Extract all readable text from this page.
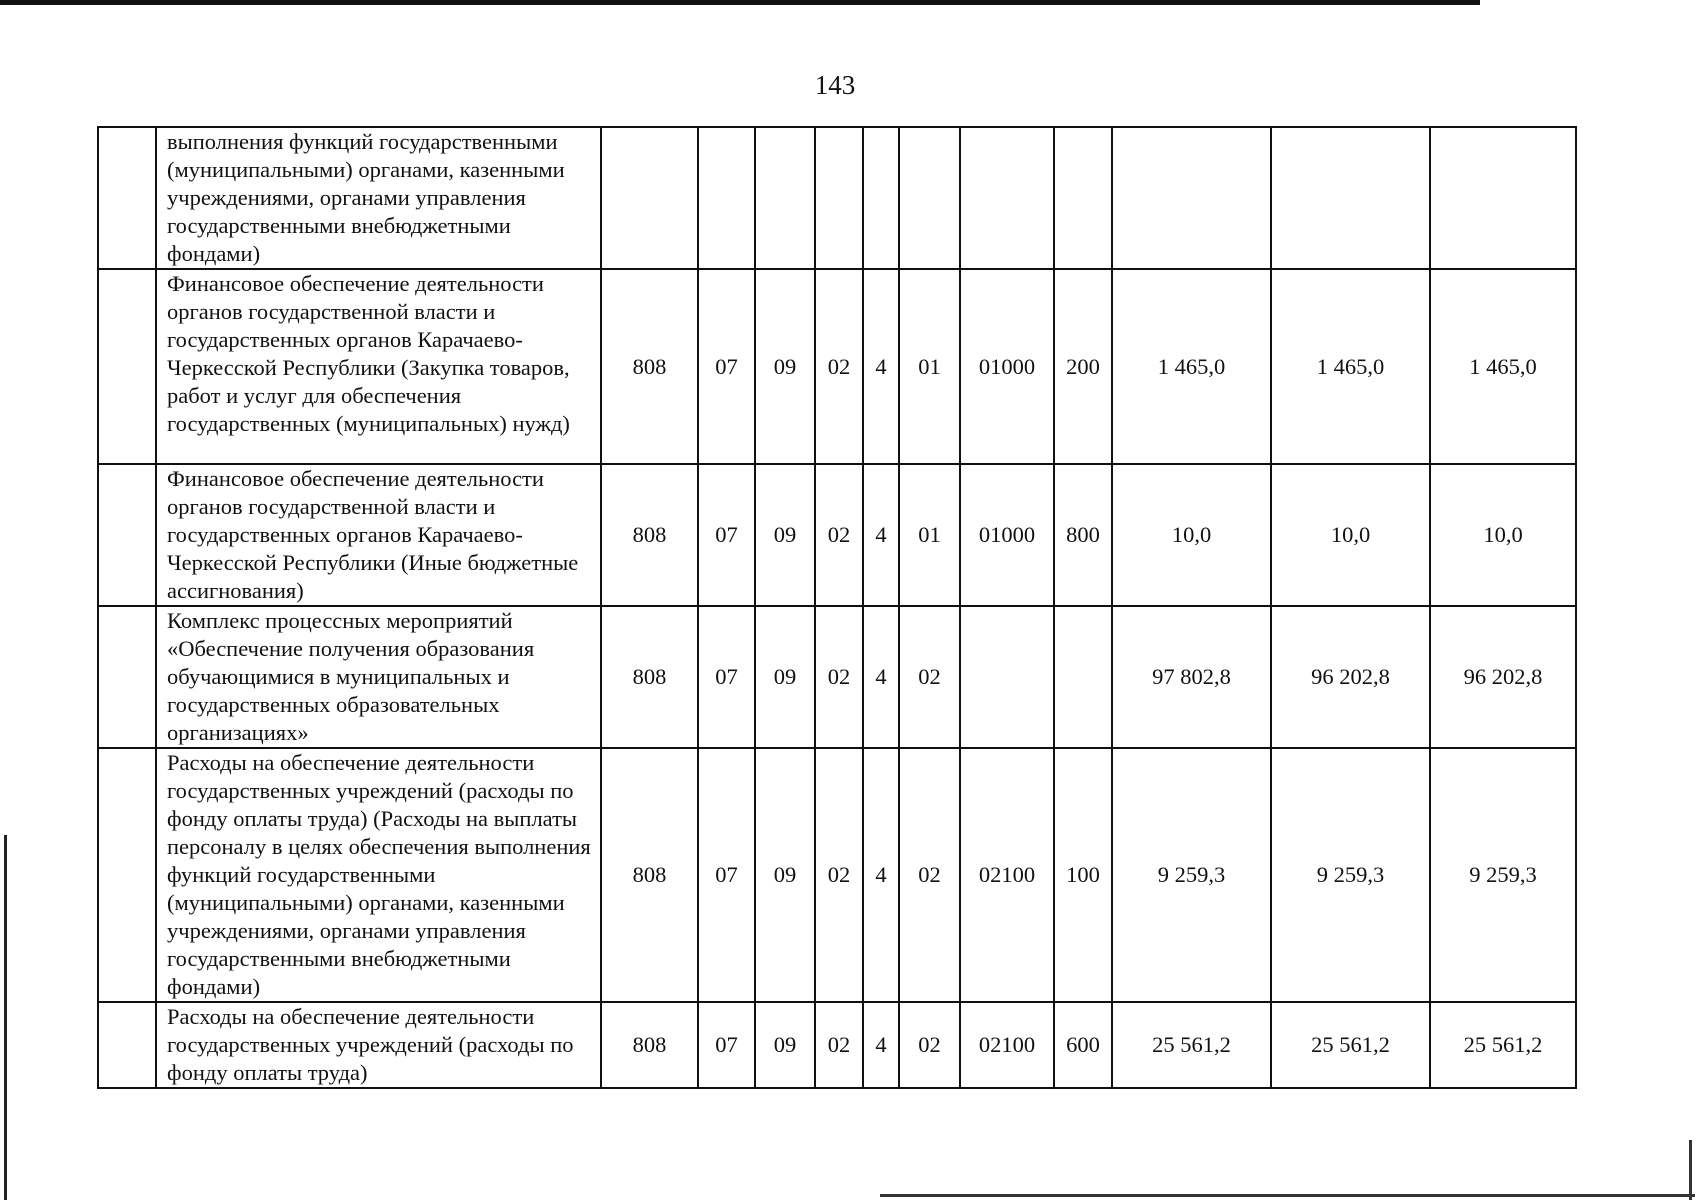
143
	выполнения функций государственными (муниципальными) органами, казенными учреждениями, органами управления государственными внебюджетными фондами)											
	Финансовое обеспечение деятельности органов государственной власти и государственных органов Карачаево-Черкесской Республики (Закупка товаров, работ и услуг для обеспечения государственных (муниципальных) нужд)	808	07	09	02	4	01	01000	200	1 465,0	1 465,0	1 465,0
	Финансовое обеспечение деятельности органов государственной власти и государственных органов Карачаево-Черкесской Республики (Иные бюджетные ассигнования)	808	07	09	02	4	01	01000	800	10,0	10,0	10,0
	Комплекс процессных мероприятий «Обеспечение получения образования обучающимися в муниципальных и государственных образовательных организациях»	808	07	09	02	4	02			97 802,8	96 202,8	96 202,8
	Расходы на обеспечение деятельности государственных учреждений (расходы по фонду оплаты труда) (Расходы на выплаты персоналу в целях обеспечения выполнения функций государственными (муниципальными) органами, казенными учреждениями, органами управления государственными внебюджетными фондами)	808	07	09	02	4	02	02100	100	9 259,3	9 259,3	9 259,3
	Расходы на обеспечение деятельности государственных учреждений (расходы по фонду оплаты труда)	808	07	09	02	4	02	02100	600	25 561,2	25 561,2	25 561,2
